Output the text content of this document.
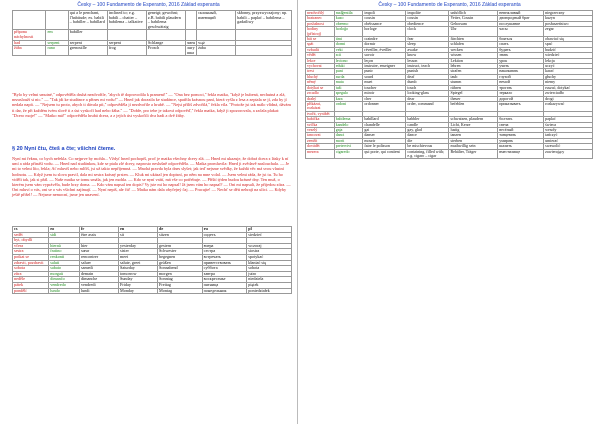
Ĉesky – 100 Fundamento de Esperanto, 2016 Základ esperanta
		qui a le penchant, l'habitude; ex. babili – babiller – babillard	inclined to; e.g. babili – chatter – babilema – talkative	geneigt; gewohnt; z.B. babili plaudern – babilema geschwätzig		склонный, имеющий	skłonny, przyzwyczajony; np. babili – paplać – babilema – gadatliwy
přípona náchylnosti	em	babiller					
had	serpent	serpent	serpent	Schlange	змея	wąż	
žába	rano	grenouille	frog	Frosch	лягушка	żaba	
"Bylo by velmi smutné," odpověděla druhá nezdvořile, "abych tě doprovodila k prameni!" — "Ona bez pomoci," řekla matka, "když je hubená, nechutná a zlá, nezaslouží si nic." — "Tak jdi ke studánce a přines mi vodu!" — Hned jak dorazila ke studánce, spatřila krásnou paní, která vyšla z lesa a zeptala se jí, zda by jí nedala napít. — "Nejsem tu proto, abych ti dávala pít," odpověděla jí nezdvořile a hrubě. — "Nejsi příliš zdvořilá," řekla víla. "Protože jsi tak málo vlídná, dávám ti dar, že při každém tvém slově ti z úst vyskočí had nebo žába." — "Dobře, pro tebe je taková odpověď," řekla matka, když ji zpozorovala, a začala plakat: "Dcero moje!" — "Matko má!" odpověděla hrubá dcera, a z jejích úst vyskočili dva hadi a dvě žáby.
§ 20 Nyní čtu, čteš a čte; všichni čteme.
Nyní mi řeknu, co bych neřekla. Co nejprve by mohla... Vždyť hned pochopíš, proč je matka všechny dcery zlá. — Hned mi ukazuje, že dobrá dcera z lásky k ní umí a ráda přináší vodu. — Hned nad studánkou, kde se ptala zlé dcery, naprosto neslušně odpověděla. — Matka promluvila: Hned ji zvědavě naslouchala. — Je mi to velmi líto, řekla; Ať mluvíš nebo mlčíš, jsi už takto nepříjemná. — Mnohá pravda byla dnes slyšet; jak teď nejsme svědky, že každá věc má svou vlastní hodnotu. — Když jsem tu slova pravil, dala mi sestra krásný prsten. — Kluk mi ukázal jen dopisní, po něm na mne volal. — Jsem velmi ráda, že jsi tu. Tu ho viděli tak, jak si přál. — Naše matka se tomu smála, jak jen mohla. — Kdo se nyní vrátí, má vše co potřebuje. — Příští týden budou krásné dny. Ten muž, o kterém jsem vám vyprávěla, bude brzy doma. — Kdo vám napsal ten dopis? Vy jste mi ho napsal! Já jsem vám ho napsal? — Oni mi napsali, že přijedou zítra. — Oni mluví o vás, oni se o vás všichni zajímají. — Nyní nepiš, ale čti! — Matka nám dala obyčejný čaj. — Pracujte! — Nechť se děti nehrají na ulici. — Kdyby ještě přišel! — Nejsme nemocní, jsme jen unavení.
cs	eo	fr	en	de	ru	pl
sedět	sidi	être assis	sit	sitzen	сидеть	siedzieć
byt, obydlí						
včera	hieraŭ	hier	yesterday	gestern	вчера	wczoraj
sestra	fratino	sœur	sister	Schwester	сестра	siostra
potkat se	renkonti	rencontrer	meet	begegnen	встречать	spotykać
zdravit, pozdravit	saluti	saluer	salute, greet	grüßen	приветствовать	kłaniać się
sobota	sabato	samedi	Saturday	Sonnabend	суббота	sobota
zítra	morgaŭ	demain	tomorrow	morgen	завтра	jutro
neděle	dimanĉo	dimanche	Sunday	Sonntag	воскресенье	niedziela
pátek	vendredo	vendredi	Friday	Freitag	пятница	piątek
pondělí	lundo	lundi	Monday	Montag	понедельник	poniedziałek
Ĉesky – 100 Fundamento de Esperanto, 2016 Základ esperanta
nezdvořilý	malĝentila	impoli	impolite	unhöflich	невежливый	niegrzeczny
bratranec	kuzo	cousin	cousin	Vetter, Cousin	двоюродный брат	kuzyn
poslušnost	obeemo	obéissance	obedience	Gehorsam	послушание	posłuszeństwo
hodiny (přístroj)	horloĝo	horloge	clock	Uhr	часы	zegar
bát se	timi	craindre	fear	fürchten	бояться	obawiać się
spát	dormi	dormir	sleep	schlafen	спать	spać
vzbudit	veki	réveiller, éveiller	awake	wecken	будить	budzić
vědět	scii	savoir	know	wissen	знать	wiedzieć
lekce	leciono	leçon	lesson	Lektion	урок	lekcja
vychovat	eduki	instruire, enseigner	instruct, teach	lehren	учить	uczyć
trest	puni	punir	punish	strafen	наказывать	karać
hluchý	surda	sourd	deaf	taub	глухой	głuchy
němý	muta	muet	dumb	stumm	немой	niemy
dotýkat se	tuŝi	toucher	touch	rühren	трогать	ruszać, dotykać
zrcadlo	spegulo	miroir	looking-glass	Spiegel	зеркало	zwierciadło
drahý	kara	cher	dear	theuer	дорогой	drogi
přikázat, rozkázat	ordoni	ordonner	order, command	befehlen	приказывать	rozkazywać
tvořit, vyrábět						
babička	babilema	babillard	babbler	schwatzen, plaudern	болтать	paplać
svíčka	kandelo	chandelle	candle	Licht, Kerze	свеча	świeca
veselý	gaja	gai	gay, glad	lustig	весёлый	wesoły
tancovat	danci	danser	dance	tanzen	танцевать	tańczyć
zemřít	morti	mourir	die	sterben	умирать	umierać
dovádět	pretervivi	faire le polisson	be mischievous	muthwillig sein	шалить	swawolić
mezera	cigaredo	qui porte, qui contient	containing, filled with; e.g. cigaro – cigar	Behälter, Träger	вместилище	zawierający
